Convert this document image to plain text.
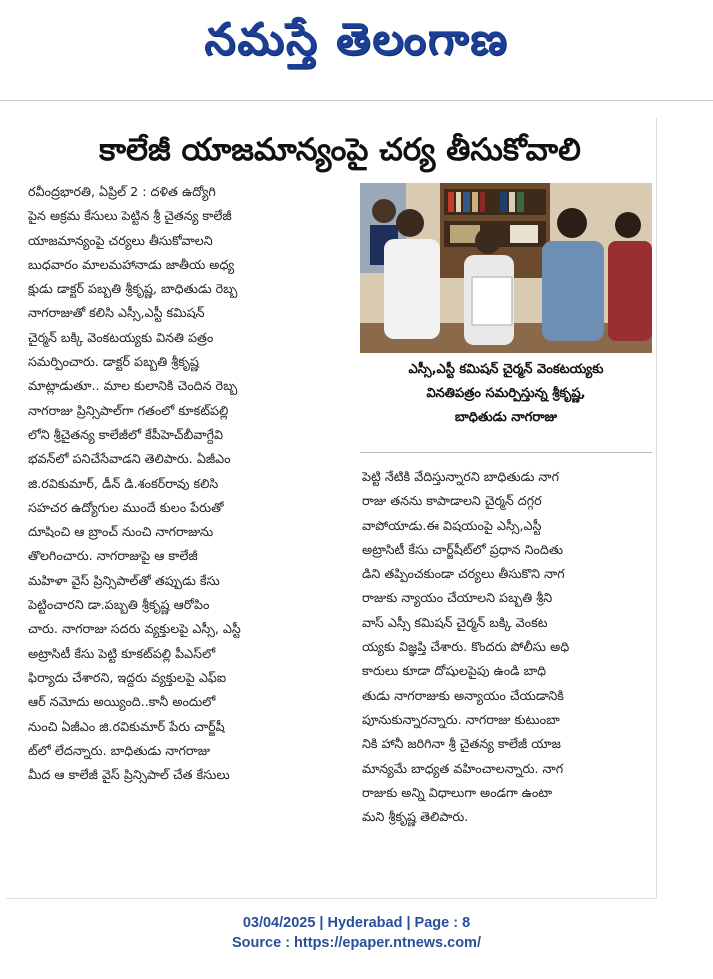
నమస్తే తెలంగాణ
కాలేజీ యాజమాన్యంపై చర్య తీసుకోవాలి
రవీంద్రభారతి, ఏప్రిల్ 2 : దళిత ఉద్యోగి
పైన అక్రమ కేసులు పెట్టిన శ్రీ చైతన్య కాలేజీ
యాజమాన్యంపై చర్యలు తీసుకోవాలని
బుధవారం మాలమహానాడు జాతీయ అధ్య
క్షుడు డాక్టర్ పబ్బతి శ్రీకృష్ణ, బాధితుడు రెబ్బ
నాగరాజుతో కలిసి ఎస్సీ,ఎస్టీ కమిషన్
చైర్మన్ బక్కి వెంకటయ్యకు వినతి పత్రం
సమర్పించారు. డాక్టర్ పబ్బతి శ్రీకృష్ణ
మాట్లాడుతూ.. మాల కులానికి చెందిన రెబ్బ
నాగరాజు ప్రిన్సిపాల్‌గా గతంలో కూకట్‌పల్లి
లోని శ్రీచైతన్య కాలేజీలో కేపీహెచ్‌బీవాగ్దేవి
భవన్‌లో పనిచేసేవాడని తెలిపారు. ఏజీఎం
జి.రవికుమార్, డీన్ డి.శంకర్‌రావు కలిసి
సహచర ఉద్యోగుల ముందే కులం పేరుతో
దూషించి ఆ బ్రాంచ్ నుంచి నాగరాజును
తొలగించారు. నాగరాజుపై ఆ కాలేజీ
మహిళా వైస్ ప్రిన్సిపాల్‌తో తప్పుడు కేసు
పెట్టించారని డా.పబ్బతి శ్రీకృష్ణ ఆరోపిం
చారు. నాగరాజు సదరు వ్యక్తులపై ఎస్సీ, ఎస్టీ
అట్రాసిటీ కేసు పెట్టి కూకట్‌పల్లి పీఎస్‌లో
ఫిర్యాదు చేశారని, ఇద్దరు వ్యక్తులపై ఎఫ్ఐ
ఆర్ నమోదు అయ్యింది..కానీ అందులో
నుంచి ఏజీఎం జి.రవికుమార్ పేరు చార్జ్‌షీ
ట్‌లో లేదన్నారు. బాధితుడు నాగరాజు
మీద ఆ కాలేజీ వైస్ ప్రిన్సిపాల్ చేత కేసులు
ఎస్సీ,ఎస్టీ కమిషన్ చైర్మన్ వెంకటయ్యకు
వినతిపత్రం సమర్పిస్తున్న శ్రీకృష్ణ,
బాధితుడు నాగరాజు
పెట్టి నేటికి వేదిస్తున్నారని బాధితుడు నాగ
రాజు తనను కాపాడాలని చైర్మన్ దగ్గర
వాపోయాడు.ఈ విషయంపై ఎస్సీ,ఎస్టీ
అట్రాసిటీ కేసు చార్జ్‌షీట్‌లో ప్రధాన నిందితు
డిని తప్పించకుండా చర్యలు తీసుకొని నాగ
రాజుకు న్యాయం చేయాలని పబ్బతి శ్రీని
వాస్ ఎస్సీ కమిషన్ చైర్మన్ బక్కి వెంకట
య్యకు విజ్ఞప్తి చేశారు. కొందరు పోలీసు అధి
కారులు కూడా దోషులపైపు ఉండి బాధి
తుడు నాగరాజుకు అన్యాయం చేయడానికి
పూనుకున్నారన్నారు. నాగరాజు కుటుంబా
నికి హానీ జరిగినా శ్రీ చైతన్య కాలేజీ యాజ
మాన్యమే బాధ్యత వహించాలన్నారు. నాగ
రాజుకు అన్ని విధాలుగా అండగా ఉంటా
మని శ్రీకృష్ణ తెలిపారు.
03/04/2025 | Hyderabad | Page : 8
Source : https://epaper.ntnews.com/
